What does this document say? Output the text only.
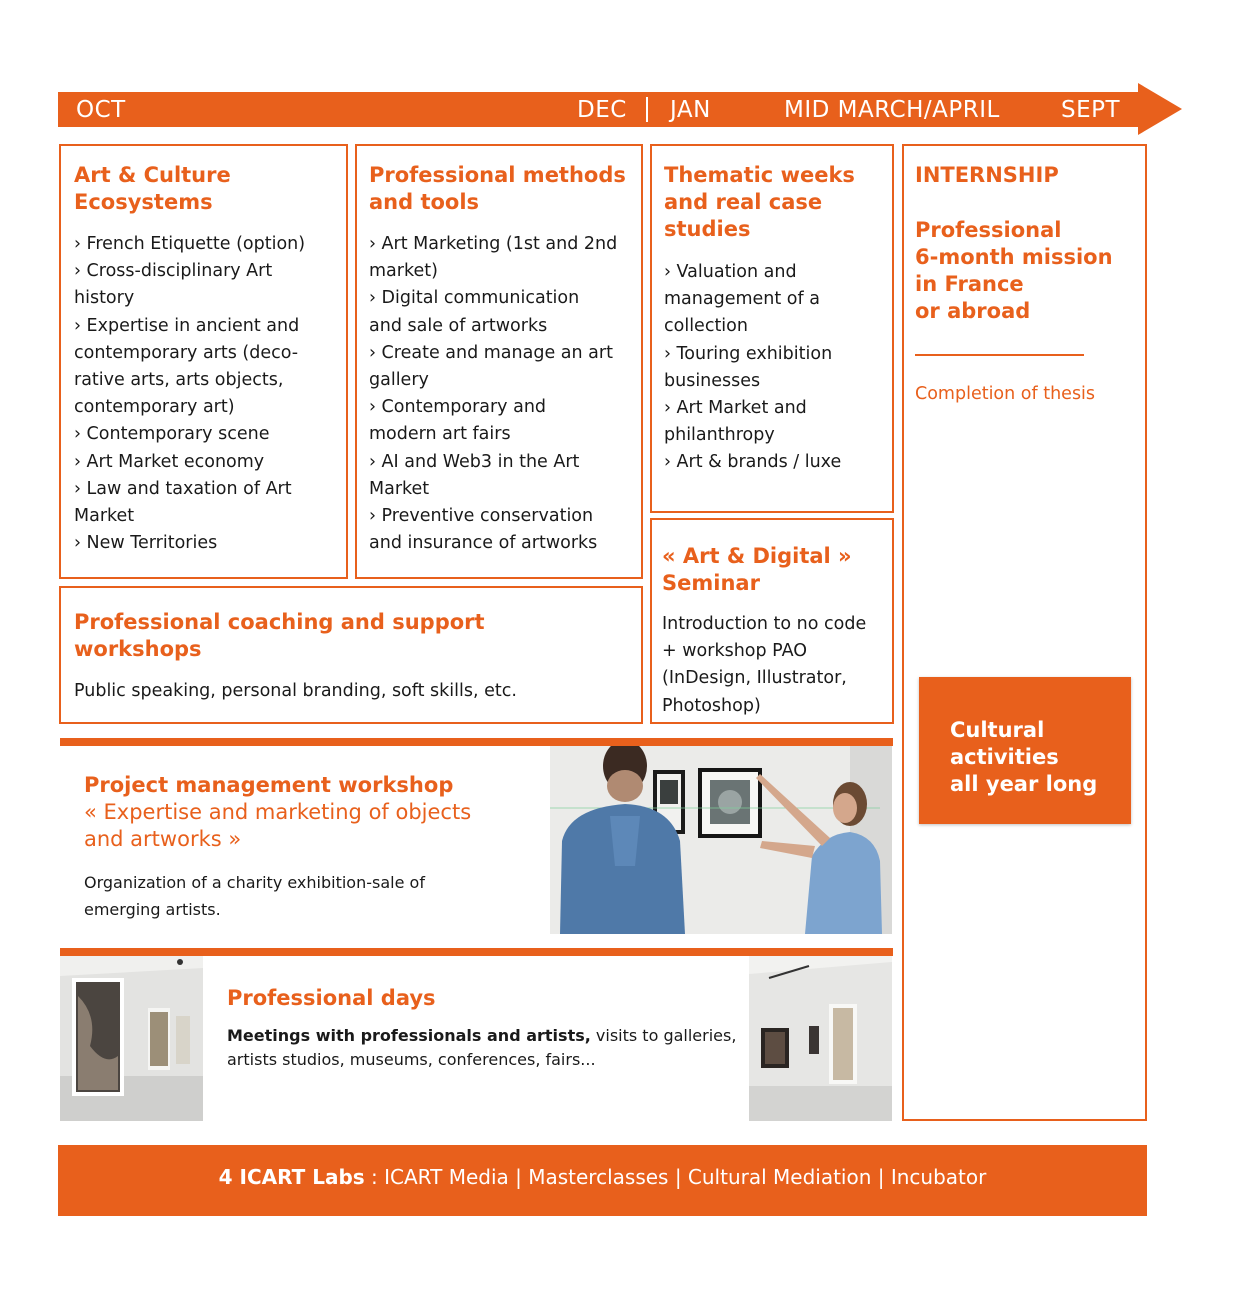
OCT	DEC JAN	MID MARCH/APRIL	SEPT
Art & Culture
Ecosystems
› French Etiquette (option)
› Cross-disciplinary Art
history
› Expertise in ancient and
contemporary arts (deco-
rative arts, arts objects,
contemporary art)
› Contemporary scene
› Art Market economy
› Law and taxation of Art
Market
› New Territories
Professional methods
and tools
› Art Marketing (1st and 2nd
market)
› Digital communication
and sale of artworks
› Create and manage an art
gallery
› Contemporary and
modern art fairs
› AI and Web3 in the Art
Market
› Preventive conservation
and insurance of artworks
Thematic weeks
and real case
studies
› Valuation and
management of a
collection
› Touring exhibition
businesses
› Art Market and
philanthropy
› Art & brands / luxe
INTERNSHIP
Professional
6-month mission
in France
or abroad
Completion of thesis
Cultural
activities
all year long
« Art & Digital »
Seminar
Introduction to no code
+ workshop PAO
(InDesign, Illustrator,
Photoshop)
Professional coaching and support
workshops
Public speaking, personal branding, soft skills, etc.
Project management workshop
« Expertise and marketing of objects
and artworks »
Organization of a charity exhibition-sale of
emerging artists.
Professional days
Meetings with professionals and artists, visits to galleries,
artists studios, museums, conferences, fairs...
4 ICART Labs : ICART Media | Masterclasses | Cultural Mediation | Incubator
